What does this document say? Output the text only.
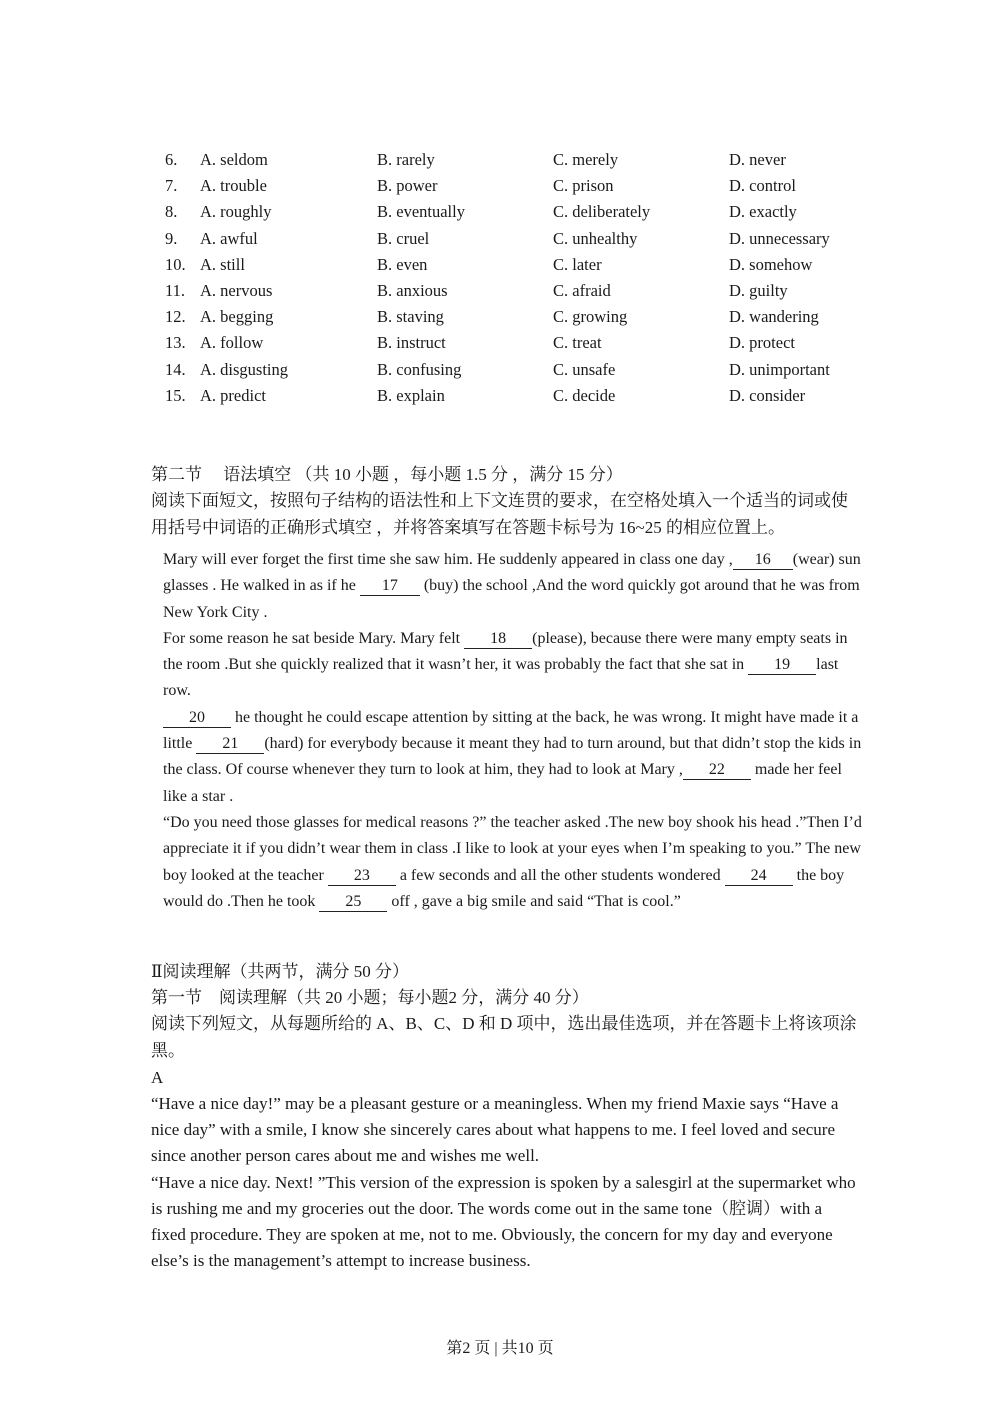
6. A. seldom	B. rarely	C. merely	D. never
7. A. trouble	B. power	C. prison	D. control
8. A. roughly	B. eventually	C. deliberately	D. exactly
9. A. awful	B. cruel	C. unhealthy	D. unnecessary
10. A. still	B. even	C. later	D. somehow
11. A. nervous	B. anxious	C. afraid	D. guilty
12. A. begging	B. staving	C. growing	D. wandering
13. A. follow	B. instruct	C. treat	D. protect
14. A. disgusting	B. confusing	C. unsafe	D. unimportant
15. A. predict	B. explain	C. decide	D. consider
第二节　 语法填空 （共 10 小题 ，每小题 1.5 分 ，满分 15 分）
阅读下面短文，按照句子结构的语法性和上下文连贯的要求，在空格处填入一个适当的词或使用括号中词语的正确形式填空 ，并将答案填写在答题卡标号为 16~25 的相应位置上。

Mary will ever forget the first time she saw him. He suddenly appeared in class one day , 16 (wear) sun glasses . He walked in as if he 17 (buy) the school ,And the word quickly got around that he was from New York City .

For some reason he sat beside Mary. Mary felt 18 (please), because there were many empty seats in the room .But she quickly realized that it wasn’t her, it was probably the fact that she sat in 19 last row.

20 he thought he could escape attention by sitting at the back, he was wrong. It might have made it a little 21 (hard) for everybody because it meant they had to turn around, but that didn’t stop the kids in the class. Of course whenever they turn to look at him, they had to look at Mary , 22 made her feel like a star .

“Do you need those glasses for medical reasons ?” the teacher asked .The new boy shook his head .”Then I’d appreciate it if you didn’t wear them in class .I like to look at your eyes when I’m speaking to you.” The new boy looked at the teacher 23 a few seconds and all the other students wondered 24 the boy would do .Then he took 25 off , gave a big smile and said “That is cool.”

Ⅱ阅读理解（共两节，满分 50 分）
第一节　阅读理解（共 20 小题；每小题2 分，满分 40 分）
阅读下列短文，从每题所给的 A、B、C、D 和 D 项中，选出最佳选项，并在答题卡上将该项涂黑。
A

“Have a nice day!” may be a pleasant gesture or a meaningless. When my friend Maxie says “Have a nice day” with a smile, I know she sincerely cares about what happens to me. I feel loved and secure since another person cares about me and wishes me well.

“Have a nice day. Next! ”This version of the expression is spoken by a salesgirl at the supermarket who is rushing me and my groceries out the door. The words come out in the same tone（腔调）with a fixed procedure. They are spoken at me, not to me. Obviously, the concern for my day and everyone else’s is the management’s attempt to increase business.

第2 页 | 共10 页
